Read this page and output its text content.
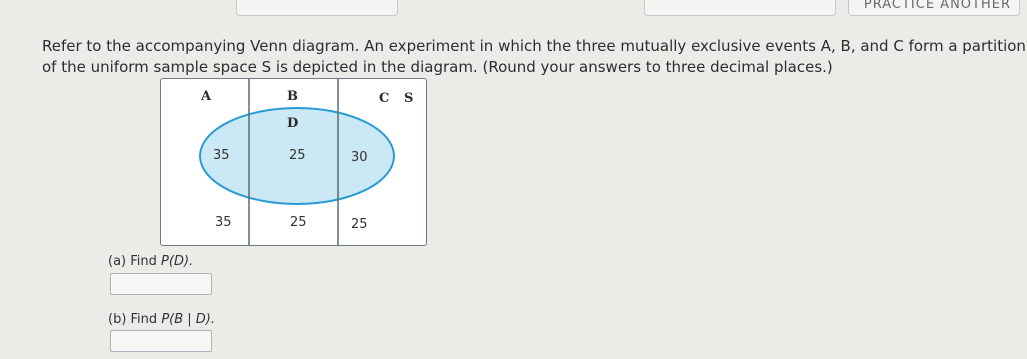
PRACTICE ANOTHER
Refer to the accompanying Venn diagram. An experiment in which the three mutually exclusive events A, B, and C form a partition of the uniform sample space S is depicted in the diagram. (Round your answers to three decimal places.)
A	B	C S
D
35	25	30
35	25	25
(a) Find P(D).
(b) Find P(B | D).
